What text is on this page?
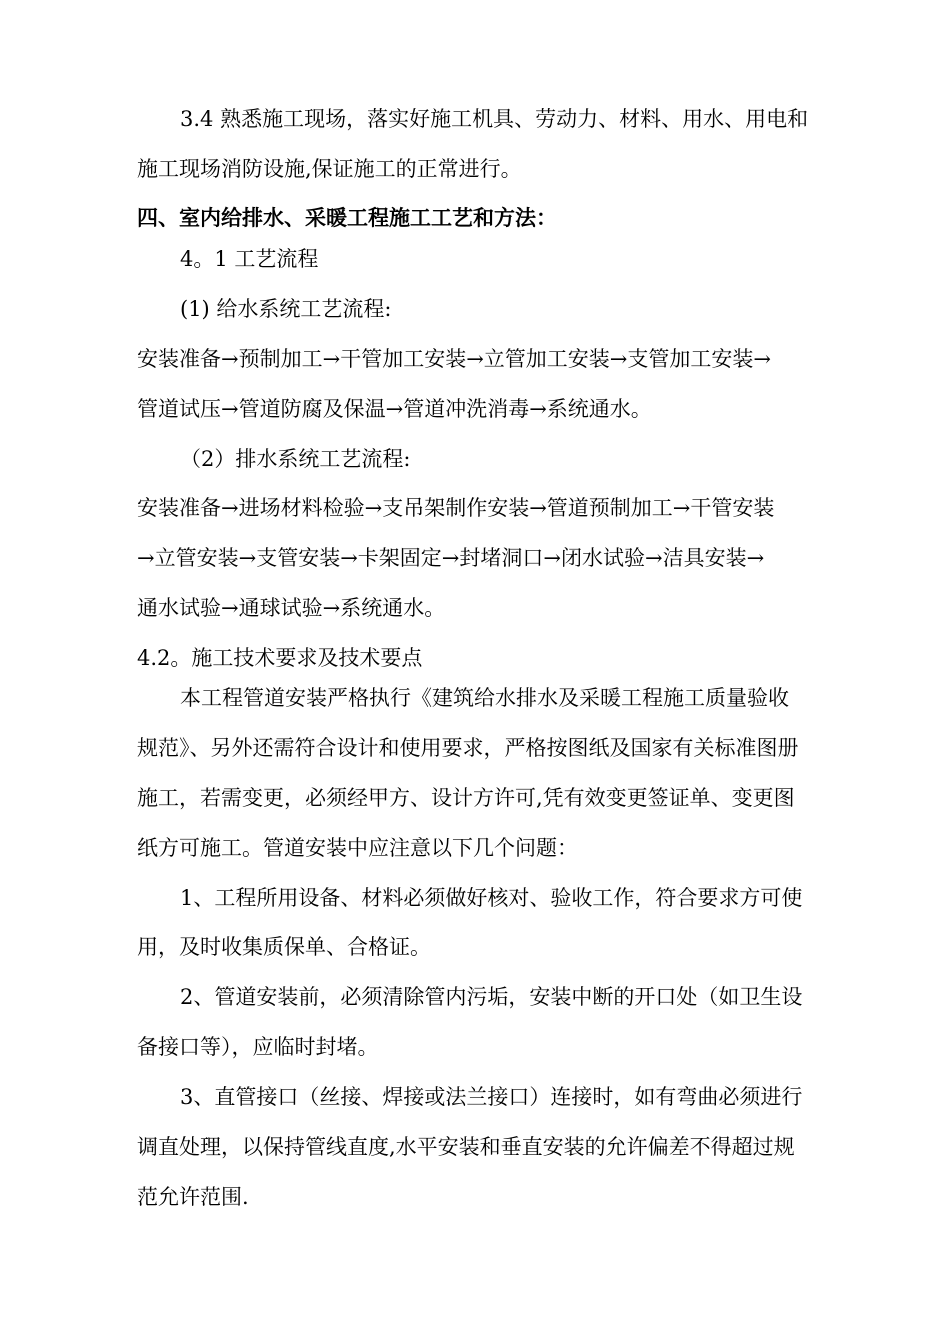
3.4 熟悉施工现场，落实好施工机具、劳动力、材料、用水、用电和
施工现场消防设施,保证施工的正常进行。
四、室内给排水、采暖工程施工工艺和方法：
4。1 工艺流程
(1) 给水系统工艺流程:
安装准备→预制加工→干管加工安装→立管加工安装→支管加工安装→
管道试压→管道防腐及保温→管道冲洗消毒→系统通水。
（2）排水系统工艺流程:
安装准备→进场材料检验→支吊架制作安装→管道预制加工→干管安装
→立管安装→支管安装→卡架固定→封堵洞口→闭水试验→洁具安装→
通水试验→通球试验→系统通水。
4.2。施工技术要求及技术要点
本工程管道安装严格执行《建筑给水排水及采暖工程施工质量验收
规范》、另外还需符合设计和使用要求，严格按图纸及国家有关标准图册
施工，若需变更，必须经甲方、设计方许可,凭有效变更签证单、变更图
纸方可施工。管道安装中应注意以下几个问题：
1、工程所用设备、材料必须做好核对、验收工作，符合要求方可使
用，及时收集质保单、合格证。
2、管道安装前，必须清除管内污垢，安装中断的开口处（如卫生设
备接口等），应临时封堵。
3、直管接口（丝接、焊接或法兰接口）连接时，如有弯曲必须进行
调直处理，以保持管线直度,水平安装和垂直安装的允许偏差不得超过规
范允许范围.
